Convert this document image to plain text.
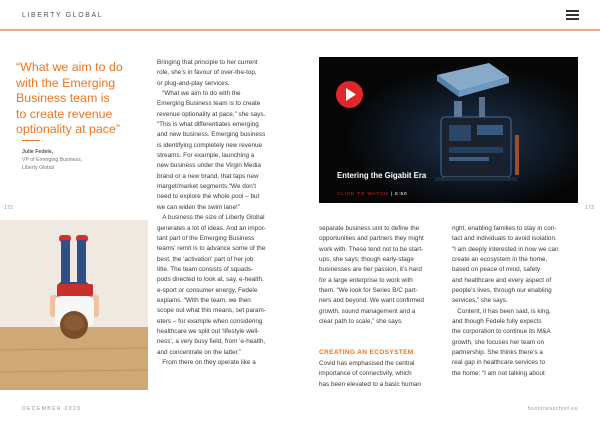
LIBERTY GLOBAL
“What we aim to do
with the Emerging
Business team is
to create revenue
optionality at pace”
Julie Fedele,
VP of Emerging Business,
Liberty Global
172	173

Bringing that principle to her current

role, she’s in favour of over-the-top,

or plug-and-play services.

“What we aim to do with the

Emerging Business team is to create

revenue optionality at pace,” she says.

“This is what differentiates emerging

and new business. Emerging business

is identifying completely new revenue

streams. For example, launching a

new business under the Virgin Media

brand or a new brand, that taps new

marget/market segments.“We don’t

need to explore the whole pool – but

we can widen the swim lane!”

A business the size of Liberty Global

generates a lot of ideas. And an impor-

tant part of the Emerging Business

teams’ remit is to advance some of the

best, the ‘activation’ part of her job

title. The team consists of squads-

pods directed to look at, say, e-health,

e-sport or consumer energy, Fedele

explains. “With the team, we then

scope out what this means, set param-

eters – for example when considering

healthcare we split out ‘lifestyle well-

ness’, a very busy field, from ‘e-health,

and concentrate on the latter.”

From there on they operate like a

Entering the Gigabit Era
CLICK TO WATCH | 0:50

separate business unit to define the

opportunities and partners they might

work with. These tend not to be start-

ups, she says; though early-stage

businesses are her passion, it’s hard

for a large enterprise to work with

them. “We look for Series B/C part-

ners and beyond. We want confirmed

growth, sound management and a

clear path to scale,” she says.

CREATING AN ECOSYSTEM

Covid has emphasised the central

importance of connectivity, which

has been elevated to a basic human

right, enabling families to stay in con-

tact and individuals to avoid isolation.

“I am deeply interested in how we can

create an ecosystem in the home,

based on peace of mind, safety

and healthcare and every aspect of

people’s lives, through our enabling

services,” she says.

Content, it has been said, is king,

and though Fedele fully expects

the corporation to continue its M&A

growth, she focuses her team on

partnership. She thinks there’s a

real gap in healthcare services to

the home: “I am not talking about

DECEMBER 2020	hooninesschief.eu
